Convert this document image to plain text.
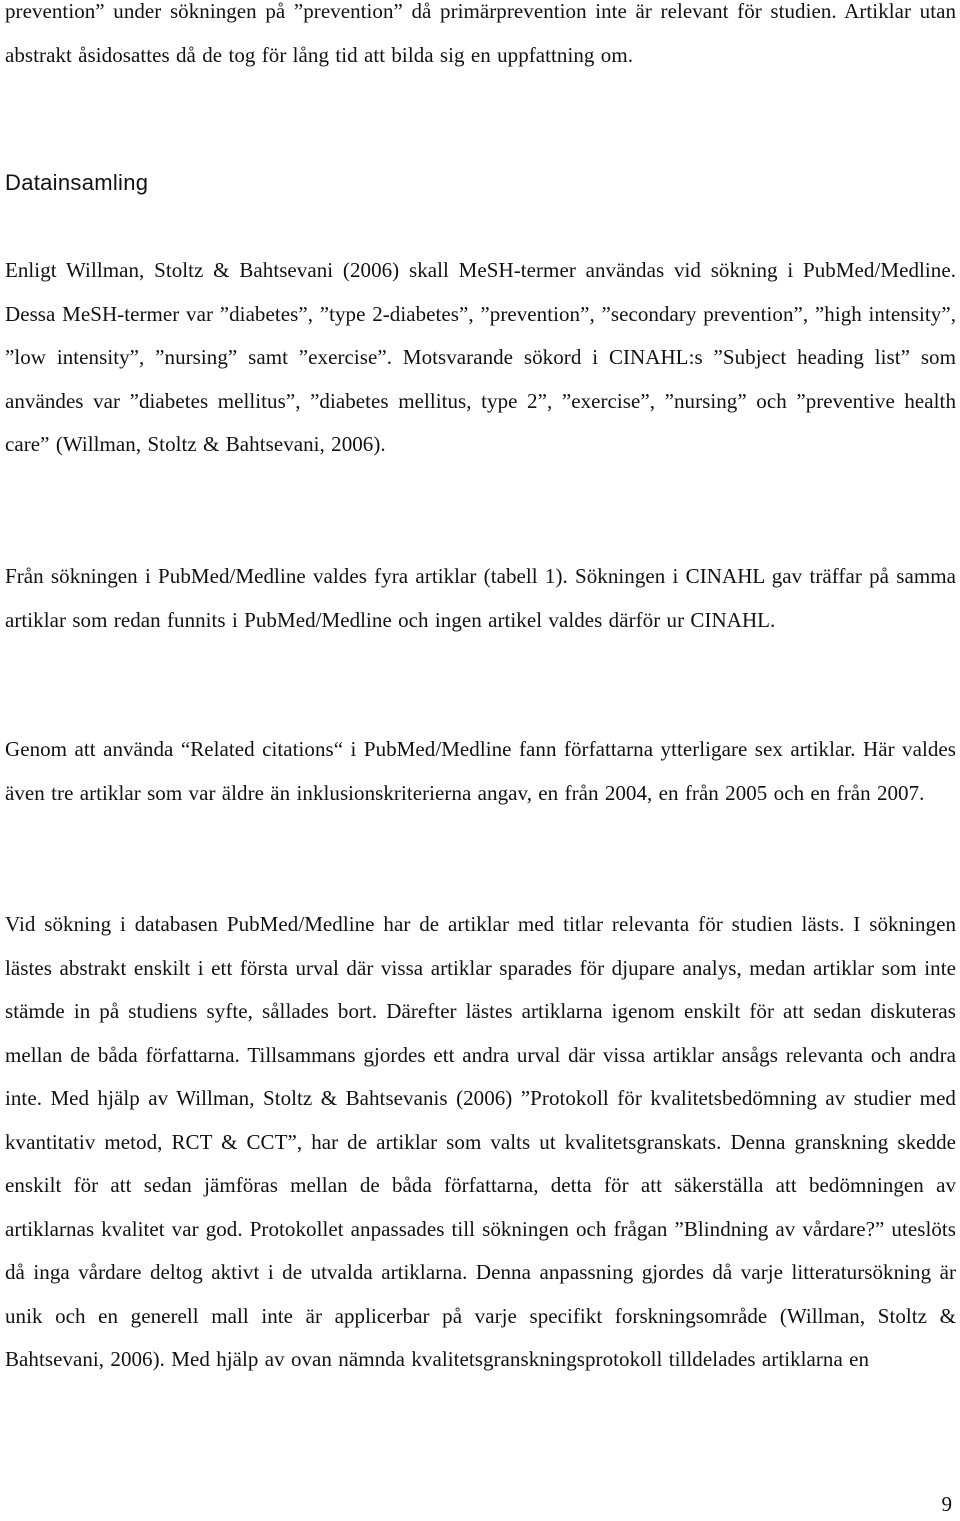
prevention” under sökningen på ”prevention” då primärprevention inte är relevant för studien. Artiklar utan abstrakt åsidosattes då de tog för lång tid att bilda sig en uppfattning om.

Datainsamling

Enligt Willman, Stoltz & Bahtsevani (2006) skall MeSH-termer användas vid sökning i PubMed/Medline. Dessa MeSH-termer var ”diabetes”, ”type 2-diabetes”, ”prevention”, ”secondary prevention”, ”high intensity”, ”low intensity”, ”nursing” samt ”exercise”. Motsvarande sökord i CINAHL:s ”Subject heading list” som användes var ”diabetes mellitus”, ”diabetes mellitus, type 2”, ”exercise”, ”nursing” och ”preventive health care” (Willman, Stoltz & Bahtsevani, 2006).

Från sökningen i PubMed/Medline valdes fyra artiklar (tabell 1). Sökningen i CINAHL gav träffar på samma artiklar som redan funnits i PubMed/Medline och ingen artikel valdes därför ur CINAHL.

Genom att använda “Related citations“ i PubMed/Medline fann författarna ytterligare sex artiklar. Här valdes även tre artiklar som var äldre än inklusionskriterierna angav, en från 2004, en från 2005 och en från 2007.

Vid sökning i databasen PubMed/Medline har de artiklar med titlar relevanta för studien lästs. I sökningen lästes abstrakt enskilt i ett första urval där vissa artiklar sparades för djupare analys, medan artiklar som inte stämde in på studiens syfte, sållades bort. Därefter lästes artiklarna igenom enskilt för att sedan diskuteras mellan de båda författarna. Tillsammans gjordes ett andra urval där vissa artiklar ansågs relevanta och andra inte. Med hjälp av Willman, Stoltz & Bahtsevanis (2006) ”Protokoll för kvalitetsbedömning av studier med kvantitativ metod, RCT & CCT”, har de artiklar som valts ut kvalitetsgranskats. Denna granskning skedde enskilt för att sedan jämföras mellan de båda författarna, detta för att säkerställa att bedömningen av artiklarnas kvalitet var god. Protokollet anpassades till sökningen och frågan ”Blindning av vårdare?” uteslöts då inga vårdare deltog aktivt i de utvalda artiklarna. Denna anpassning gjordes då varje litteratursökning är unik och en generell mall inte är applicerbar på varje specifikt forskningsområde (Willman, Stoltz & Bahtsevani, 2006). Med hjälp av ovan nämnda kvalitetsgranskningsprotokoll tilldelades artiklarna en

9
